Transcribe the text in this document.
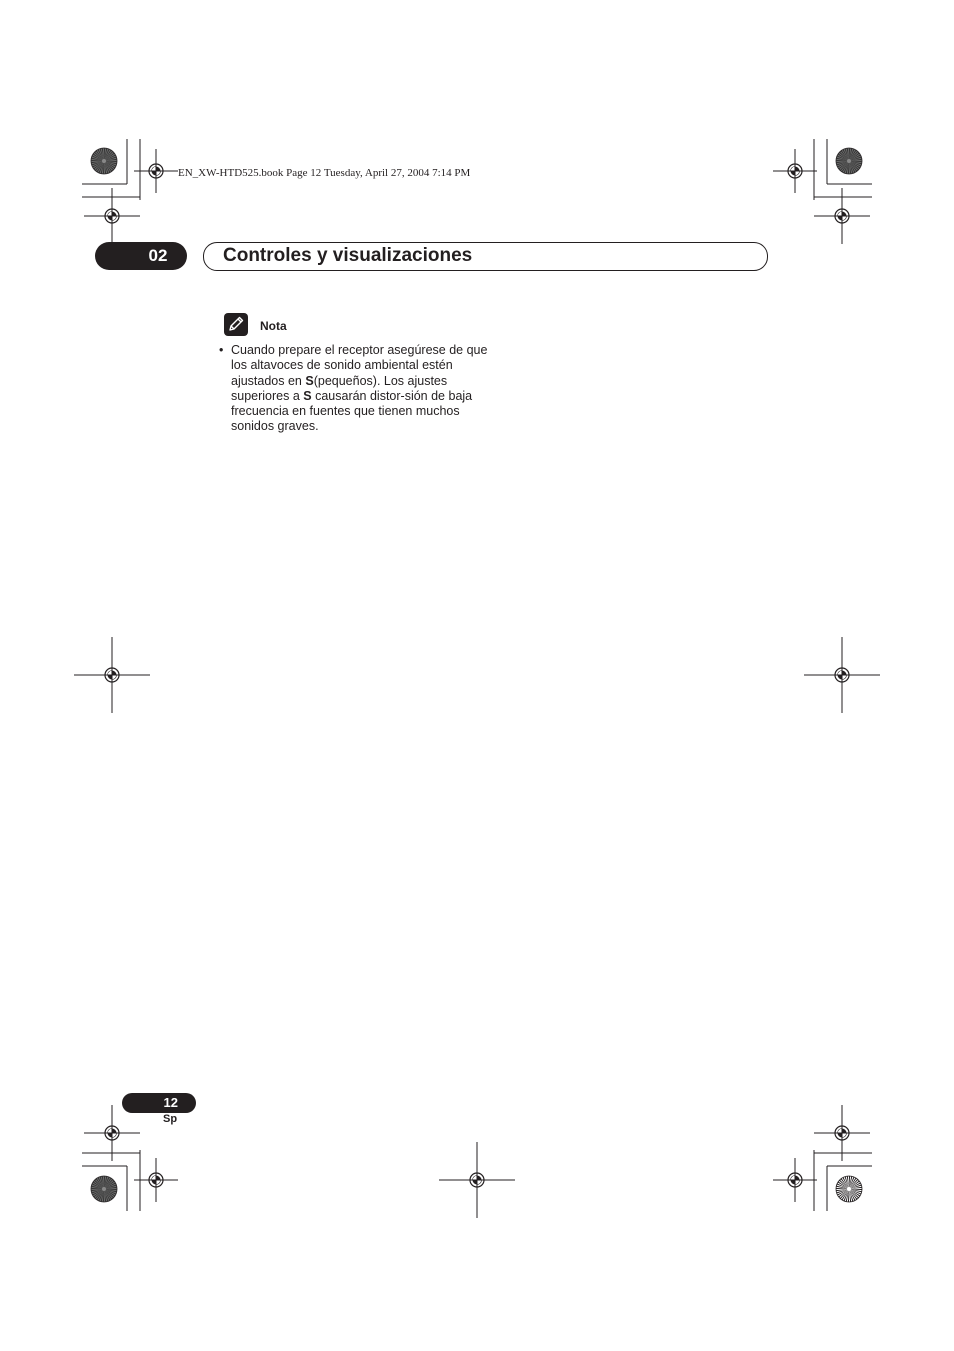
EN_XW-HTD525.book Page 12 Tuesday, April 27, 2004 7:14 PM
02	Controles y visualizaciones
Nota
• Cuando prepare el receptor asegúrese de que los altavoces de sonido ambiental estén ajustados en S(pequeños). Los ajustes superiores a S causarán distor-sión de baja frecuencia en fuentes que tienen muchos sonidos graves.
12
Sp
